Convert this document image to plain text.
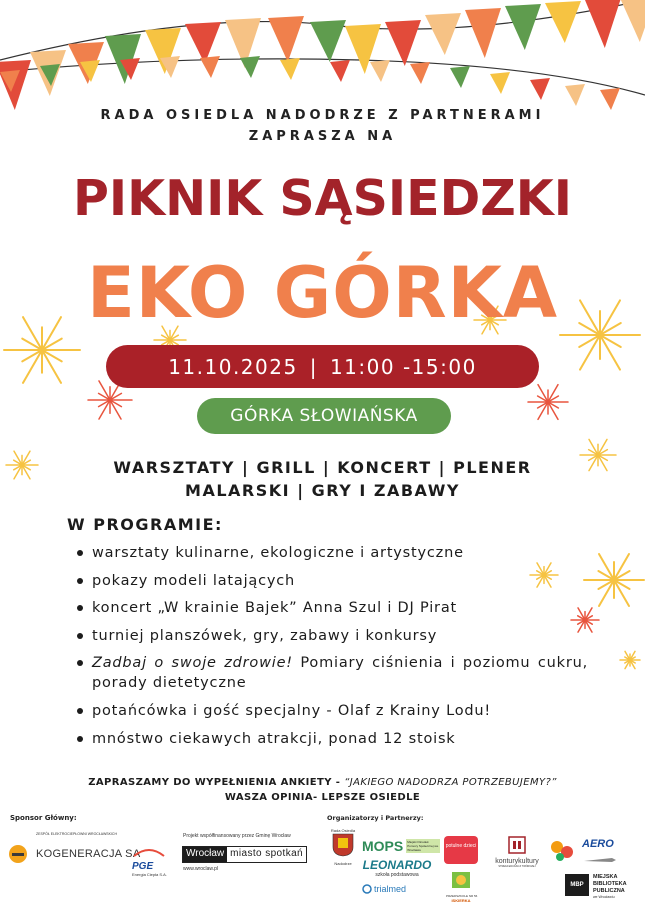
RADA OSIEDLA NADODRZE Z PARTNERAMI
ZAPRASZA NA
PIKNIK SĄSIEDZKI
EKO GÓRKA
11.10.2025 | 11:00 -15:00
GÓRKA SŁOWIAŃSKA
WARSZTATY | GRILL | KONCERT | PLENER
MALARSKI | GRY I ZABAWY
W PROGRAMIE:
warsztaty kulinarne, ekologiczne i artystyczne
pokazy modeli latających
koncert „W krainie Bajek” Anna Szul i DJ Pirat
turniej planszówek, gry, zabawy i konkursy
Zadbaj o swoje zdrowie! Pomiary ciśnienia i poziomu cukru, porady dietetyczne
potańcówka i gość specjalny - Olaf z Krainy Lodu!
mnóstwo ciekawych atrakcji, ponad 12 stoisk
ZAPRASZAMY DO WYPEŁNIENIA ANKIETY - “JAKIEGO NADODRZA POTRZEBUJEMY?”
WASZA OPINIA- LEPSZE OSIEDLE
Sponsor Główny:
ZESPÓŁ ELEKTROCIEPŁOWNI WROCŁAWSKICH
KOGENERACJA SA
PGE
Energia Ciepła S.A.
Projekt współfinansowany przez Gminę Wrocław
Wrocław miasto spotkań
www.wroclaw.pl
Organizatorzy i Partnerzy:
Rada Osiedla
Nadodrze
MOPS	Miejski Ośrodek Pomocy Społecznej we Wrocławiu
LEONARDO
szkoła podstawowa
trialmed
potulne dzieci
PRZEDSZKOLE NR 56
ISKIERKA
konturykultury
STREFA EDUKACJI TWÓRCZEJ
AERO
MBP
MIEJSKA BIBLIOTEKA PUBLICZNA
we Wrocławiu
